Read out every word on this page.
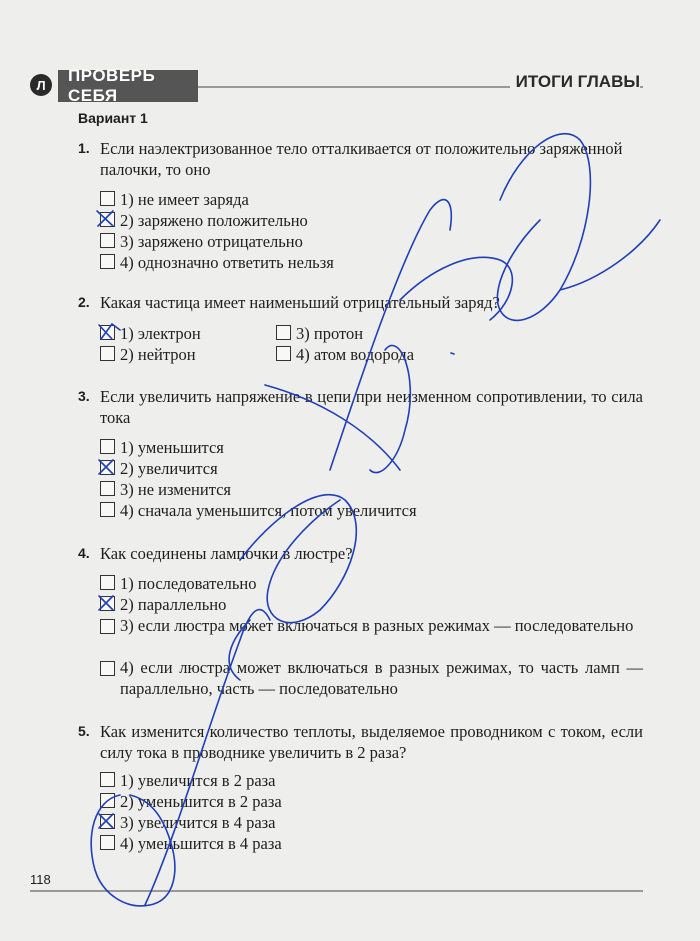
Л	ПРОВЕРЬ СЕБЯ
ИТОГИ ГЛАВЫ
Вариант 1
1. Если наэлектризованное тело отталкивается от положительно заряженной палочки, то оно
1) не имеет заряда
2) заряжено положительно
3) заряжено отрицательно
4) однозначно ответить нельзя
2. Какая частица имеет наименьший отрицательный заряд?
1) электрон
2) нейтрон
3) протон
4) атом водорода
3. Если увеличить напряжение в цепи при неизменном сопротивлении, то сила тока
1) уменьшится
2) увеличится
3) не изменится
4) сначала уменьшится, потом увеличится
4. Как соединены лампочки в люстре?
1) последовательно
2) параллельно
3) если люстра может включаться в разных режимах — последовательно
4) если люстра может включаться в разных режимах, то часть ламп — параллельно, часть — последовательно
5. Как изменится количество теплоты, выделяемое проводником с током, если силу тока в проводнике увеличить в 2 раза?
1) увеличится в 2 раза
2) уменьшится в 2 раза
3) увеличится в 4 раза
4) уменьшится в 4 раза
118
